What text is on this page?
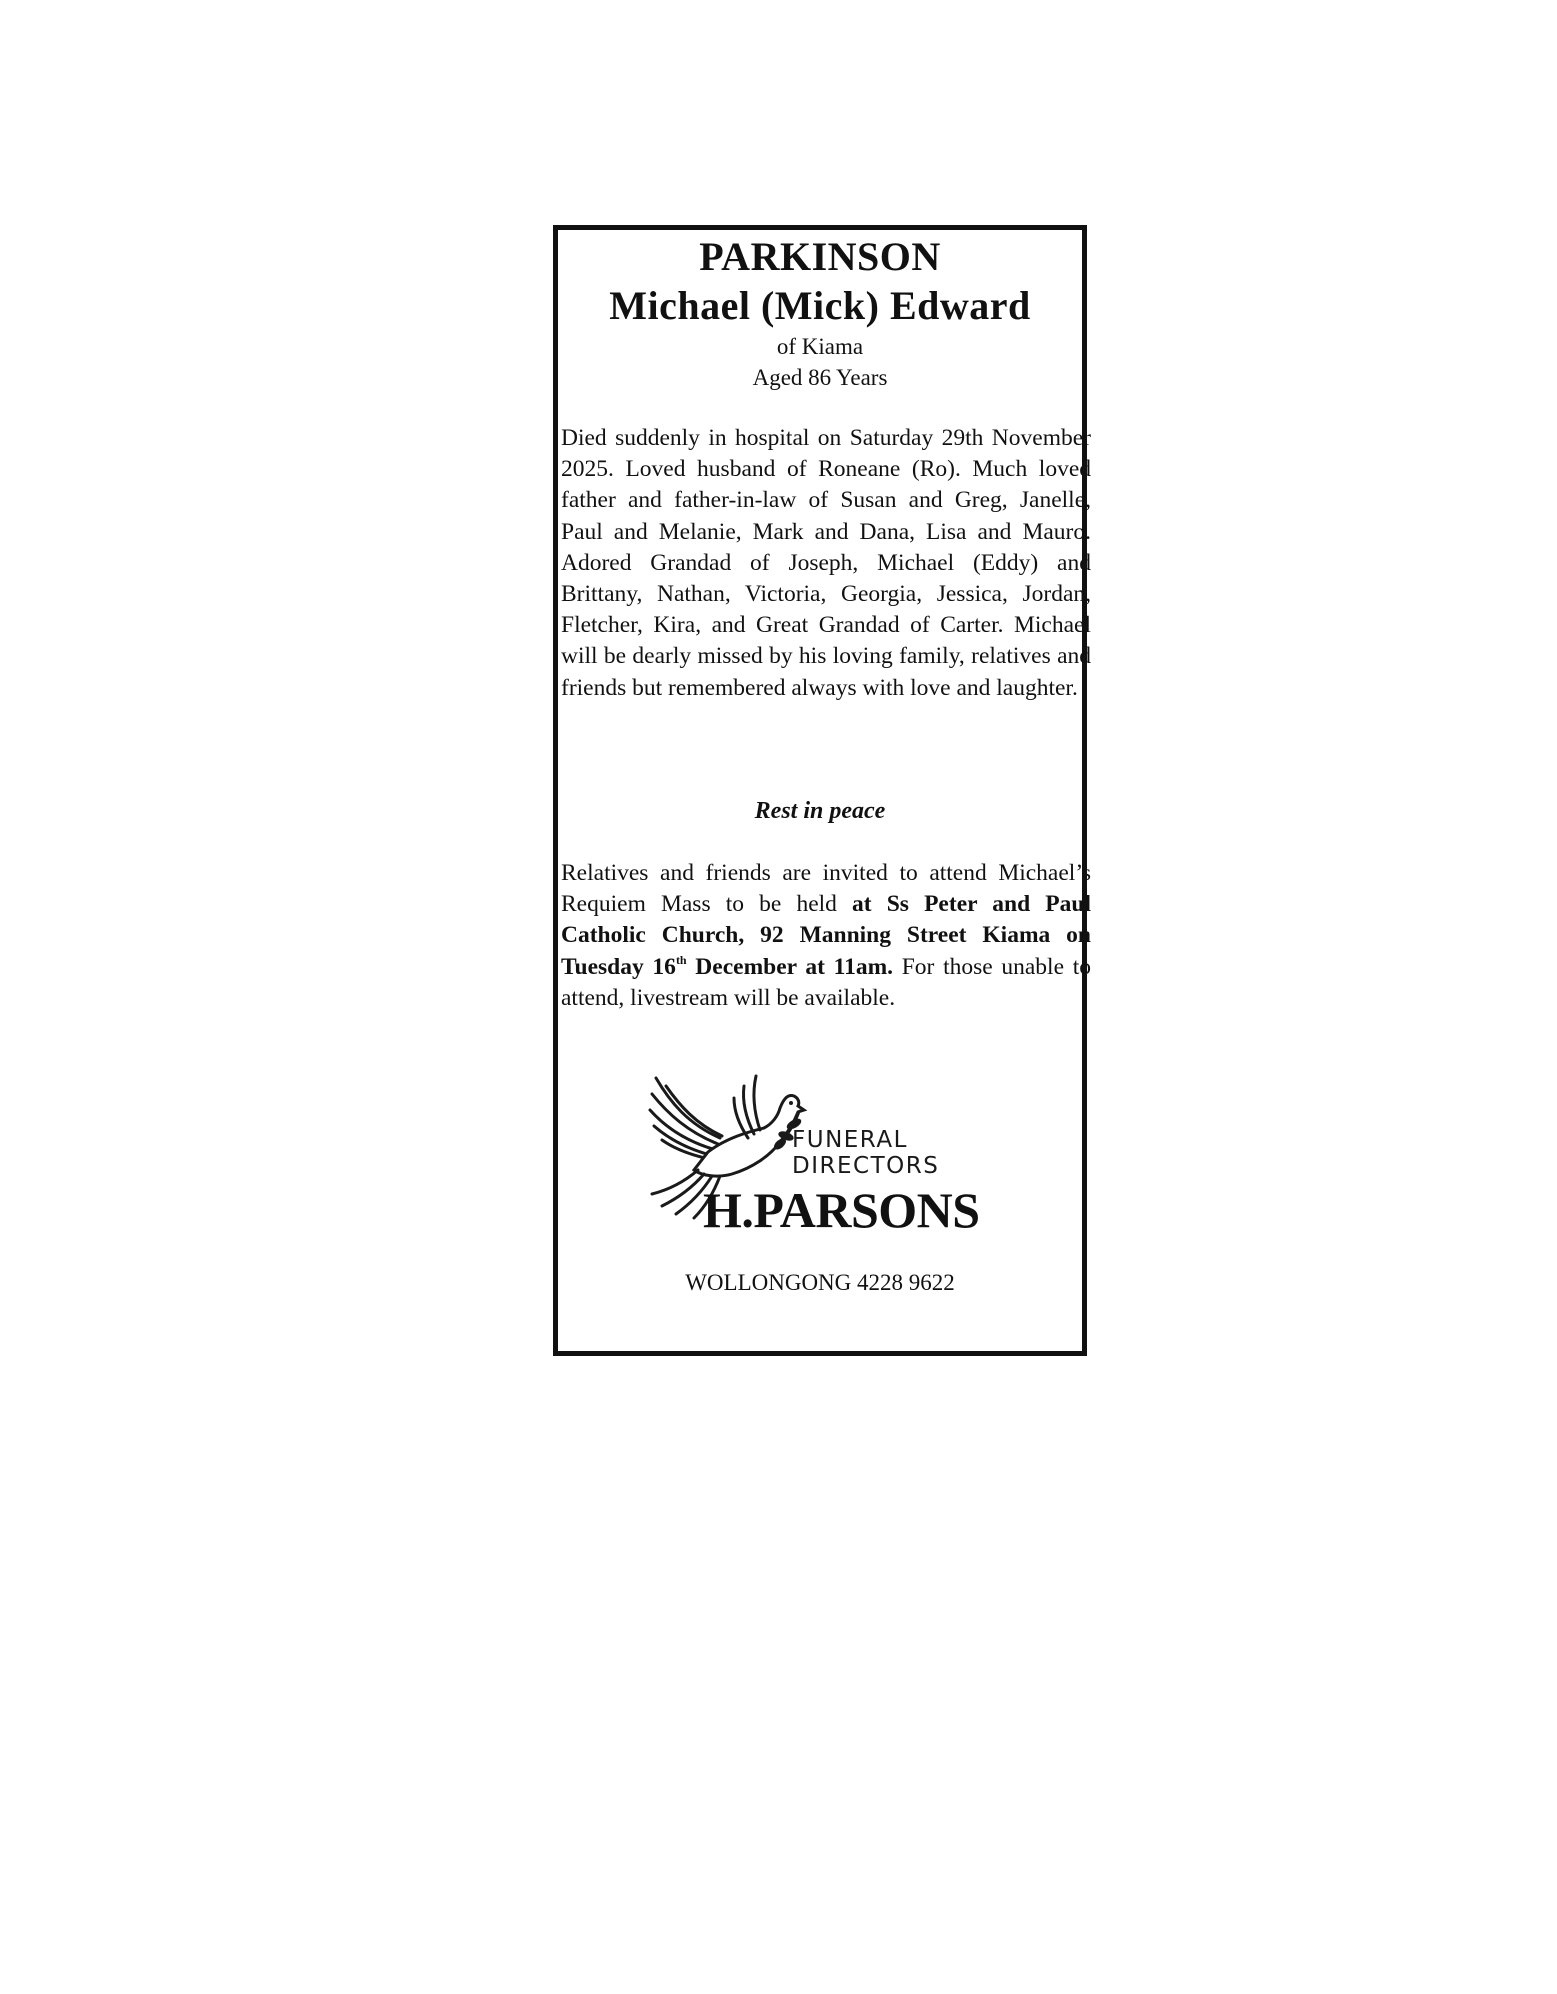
PARKINSON
Michael (Mick) Edward
of Kiama
Aged 86 Years

Died suddenly in hospital on Saturday 29th November 2025. Loved husband of Roneane (Ro). Much loved father and father-in-law of Susan and Greg, Janelle, Paul and Melanie, Mark and Dana, Lisa and Mauro. Adored Grandad of Joseph, Michael (Eddy) and Brittany, Nathan, Victoria, Georgia, Jessica, Jordan, Fletcher, Kira, and Great Grandad of Carter. Michael will be dearly missed by his loving family, relatives and friends but remembered always with love and laughter.

Rest in peace

Relatives and friends are invited to attend Michael’s Requiem Mass to be held at Ss Peter and Paul Catholic Church, 92 Manning Street Kiama on Tuesday 16th December at 11am. For those unable to attend, livestream will be available.

FUNERAL
DIRECTORS
H.PARSONS
WOLLONGONG 4228 9622
